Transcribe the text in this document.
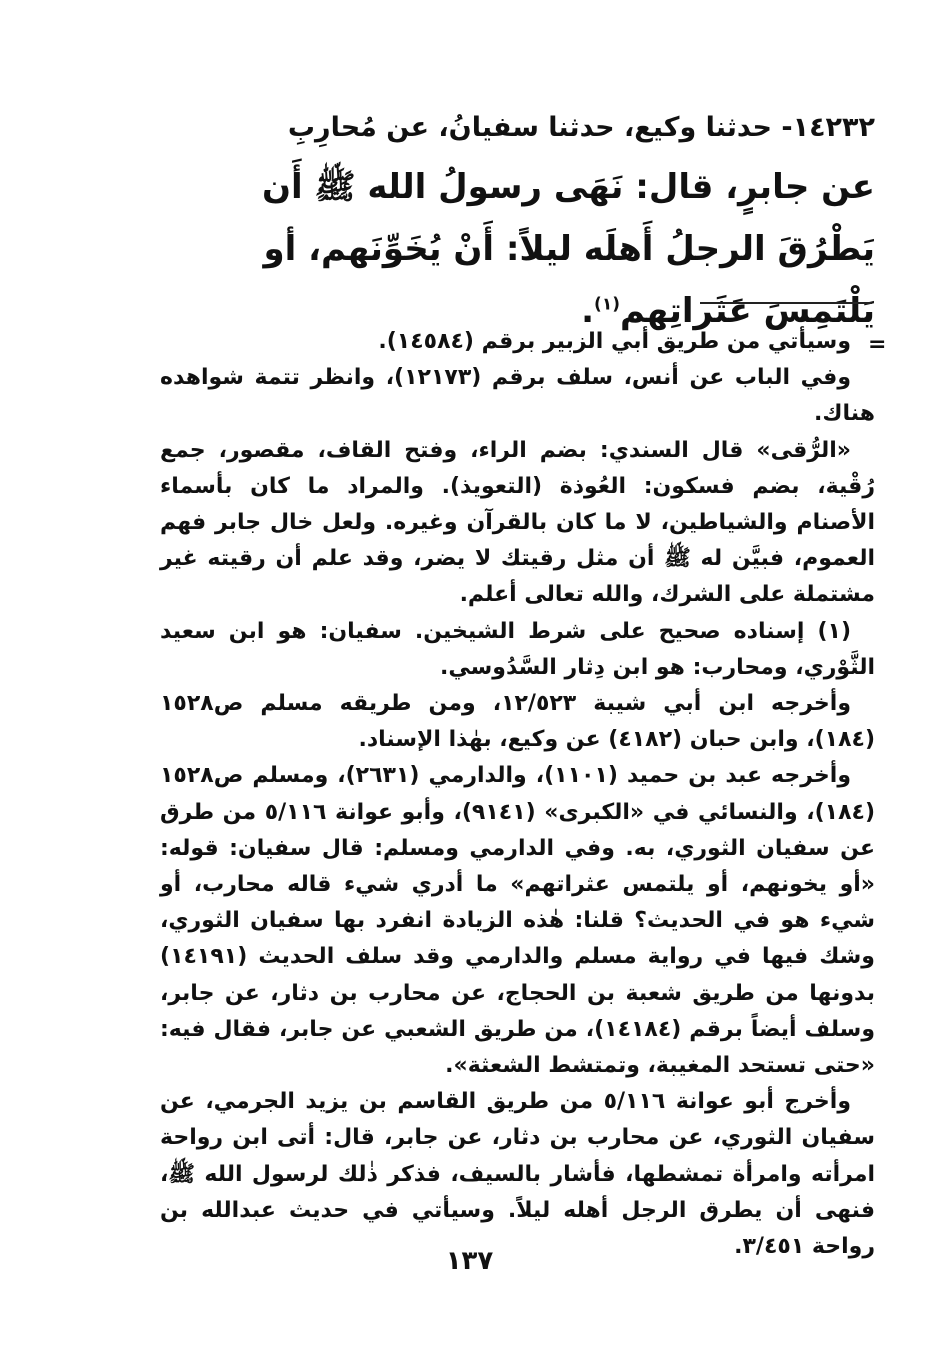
١٤٢٣٢- حدثنا وكيع، حدثنا سفيانُ، عن مُحارِبِ

عن جابرٍ، قال: نَهَى رسولُ الله ﷺ أَن يَطْرُقَ الرجلُ أَهلَه ليلاً: أَنْ يُخَوِّنَهم، أو يَلْتَمِسَ عَثَراتِهم$^{(١)}$.

=

وسيأتي من طريق أبي الزبير برقم (١٤٥٨٤).

وفي الباب عن أنس، سلف برقم (١٢١٧٣)، وانظر تتمة شواهده هناك.

«الرُّقى» قال السندي: بضم الراء، وفتح القاف، مقصور، جمع رُقْية، بضم فسكون: العُوذة (التعويذ). والمراد ما كان بأسماء الأصنام والشياطين، لا ما كان بالقرآن وغيره. ولعل خال جابر فهم العموم، فبيَّن له ﷺ أن مثل رقيتك لا يضر، وقد علم أن رقيته غير مشتملة على الشرك، والله تعالى أعلم.

(١) إسناده صحيح على شرط الشيخين. سفيان: هو ابن سعيد الثَّوْري، ومحارب: هو ابن دِثار السَّدُوسي.

وأخرجه ابن أبي شيبة ١٢/٥٢٣، ومن طريقه مسلم ص١٥٢٨ (١٨٤)، وابن حبان (٤١٨٢) عن وكيع، بهٰذا الإسناد.

وأخرجه عبد بن حميد (١١٠١)، والدارمي (٢٦٣١)، ومسلم ص١٥٢٨ (١٨٤)، والنسائي في «الكبرى» (٩١٤١)، وأبو عوانة ٥/١١٦ من طرق عن سفيان الثوري، به. وفي الدارمي ومسلم: قال سفيان: قوله: «أو يخونهم، أو يلتمس عثراتهم» ما أدري شيء قاله محارب، أو شيء هو في الحديث؟ قلنا: هٰذه الزيادة انفرد بها سفيان الثوري، وشك فيها في رواية مسلم والدارمي وقد سلف الحديث (١٤١٩١) بدونها من طريق شعبة بن الحجاج، عن محارب بن دثار، عن جابر، وسلف أيضاً برقم (١٤١٨٤)، من طريق الشعبي عن جابر، فقال فيه: «حتى تستحد المغيبة، وتمتشط الشعثة».

وأخرج أبو عوانة ٥/١١٦ من طريق القاسم بن يزيد الجرمي، عن سفيان الثوري، عن محارب بن دثار، عن جابر، قال: أتى ابن رواحة امرأته وامرأة تمشطها، فأشار بالسيف، فذكر ذٰلك لرسول الله ﷺ، فنهى أن يطرق الرجل أهله ليلاً. وسيأتي في حديث عبدالله بن رواحة ٣/٤٥١.

١٣٧
